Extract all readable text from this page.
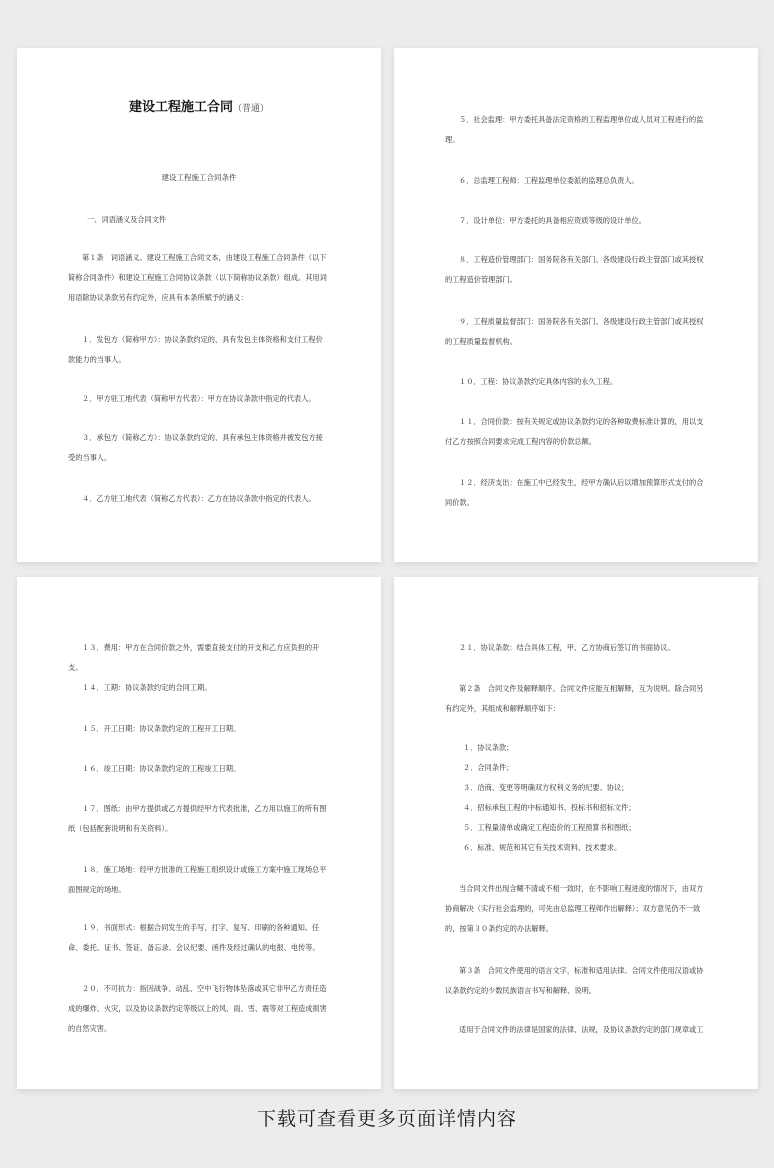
建设工程施工合同（普通）
建设工程施工合同条件
一、词语涵义及合同文件
第１条　词语涵义。建设工程施工合同文本，由建设工程施工合同条件（以下简称合同条件）和建设工程施工合同协议条款（以下简称协议条款）组成。其用词用语除协议条款另有约定外，应具有本条所赋予的涵义：
１．发包方（简称甲方）：协议条款约定的、具有发包主体资格和支付工程价款能力的当事人。
２．甲方驻工地代表（简称甲方代表）：甲方在协议条款中指定的代表人。
３．承包方（简称乙方）：协议条款约定的、具有承包主体资格并被发包方接受的当事人。
４．乙方驻工地代表（简称乙方代表）：乙方在协议条款中指定的代表人。
５．社会监理：甲方委托具备法定资格的工程监理单位或人员对工程进行的监理。
６．总监理工程师：工程监理单位委派的监理总负责人。
７．设计单位：甲方委托的具备相应资质等级的设计单位。
８．工程造价管理部门：国务院各有关部门、各级建设行政主管部门或其授权的工程造价管理部门。
９．工程质量监督部门：国务院各有关部门、各级建设行政主管部门或其授权的工程质量监督机构。
１０．工程：协议条款约定具体内容的永久工程。
１１．合同价款：按有关规定或协议条款约定的各种取费标准计算的，用以支付乙方按照合同要求完成工程内容的价款总额。
１２．经济支出：在施工中已经发生，经甲方确认后以增加预算形式支付的合同价款。
１３．费用：甲方在合同价款之外，需要直接支付的开支和乙方应负担的开支。
１４．工期：协议条款约定的合同工期。
１５．开工日期：协议条款约定的工程开工日期。
１６．竣工日期：协议条款约定的工程竣工日期。
１７．图纸：由甲方提供或乙方提供经甲方代表批准，乙方用以施工的所有图纸（包括配套说明和有关资料）。
１８．施工场地：经甲方批准的工程施工组织设计或施工方案中施工现场总平面图规定的场地。
１９．书面形式：根据合同发生的手写、打字、复写、印刷的各种通知、任命、委托、证书、签证、备忘录、会议纪要、函件及经过确认的电报、电传等。
２０．不可抗力：指因战争、动乱、空中飞行物体坠落或其它非甲乙方责任造成的爆炸、火灾，以及协议条款约定等级以上的风、雨、雪、震等对工程造成损害的自然灾害。
２１．协议条款：结合具体工程，甲、乙方协商后签订的书面协议。
第２条　合同文件及解释顺序。合同文件应能互相解释，互为说明。除合同另有约定外，其组成和解释顺序如下：
１．协议条款；
２．合同条件；
３．洽商、变更等明确双方权利义务的纪要、协议；
４．招标承包工程的中标通知书、投标书和招标文件；
５．工程量清单或确定工程造价的工程预算书和图纸；
６．标准、规范和其它有关技术资料、技术要求。
当合同文件出现含糊不清或不相一致时，在不影响工程进度的情况下，由双方协商解决（实行社会监理的，可先由总监理工程师作出解释）；双方意见仍不一致的，按第３０条约定的办法解释。
第３条　合同文件使用的语言文字，标准和适用法律。合同文件使用汉语或协议条款约定的少数民族语言书写和解释、说明。
适用于合同文件的法律是国家的法律、法规，及协议条款约定的部门规章或工
下载可查看更多页面详情内容
